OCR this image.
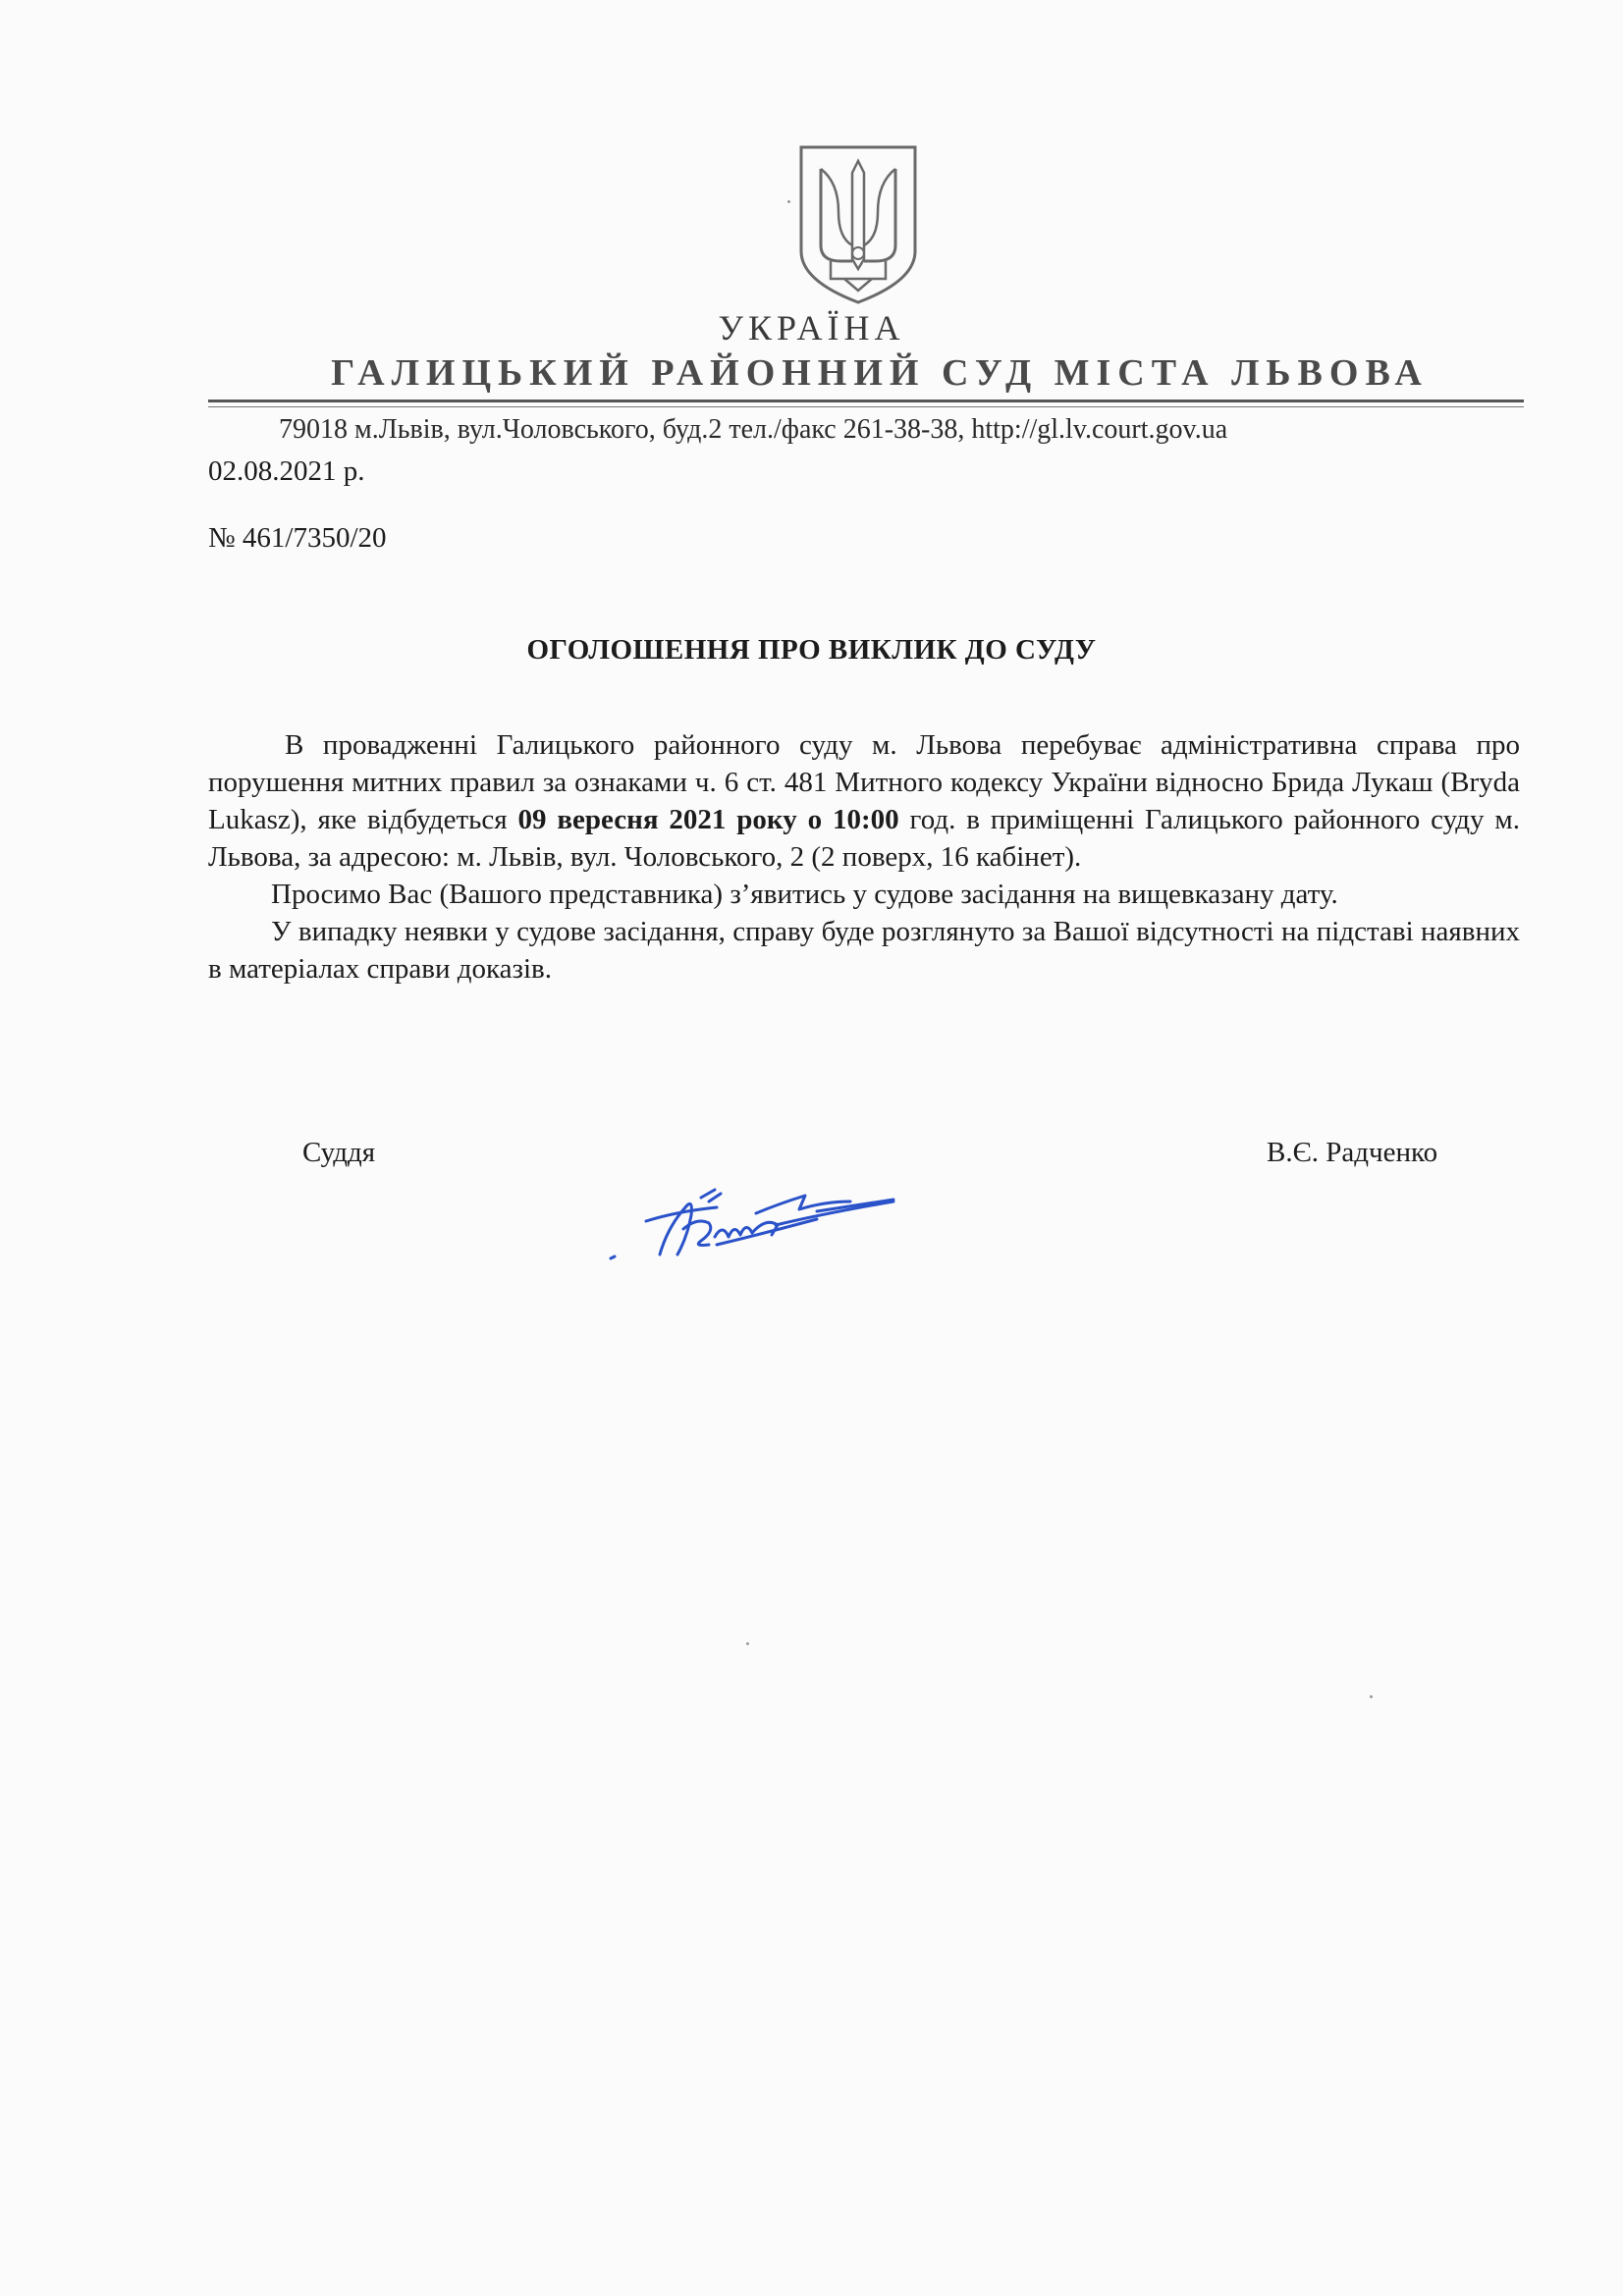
УКРАЇНА
ГАЛИЦЬКИЙ РАЙОННИЙ СУД МІСТА ЛЬВОВА
79018 м.Львів, вул.Чоловського, буд.2 тел./факс 261-38-38, http://gl.lv.court.gov.ua
02.08.2021 р.
№ 461/7350/20
ОГОЛОШЕННЯ ПРО ВИКЛИК ДО СУДУ

В провадженні Галицького районного суду м. Львова перебуває адміністративна справа про порушення митних правил за ознаками ч. 6 ст. 481 Митного кодексу України відносно Брида Лукаш (Bryda Lukasz), яке відбудеться 09 вересня 2021 року о 10:00 год. в приміщенні Галицького районного суду м. Львова, за адресою: м. Львів, вул. Чоловського, 2 (2 поверх, 16 кабінет).

Просимо Вас (Вашого представника) з’явитись у судове засідання на вищевказану дату.

У випадку неявки у судове засідання, справу буде розглянуто за Вашої відсутності на підставі наявних в матеріалах справи доказів.

Суддя	В.Є. Радченко
